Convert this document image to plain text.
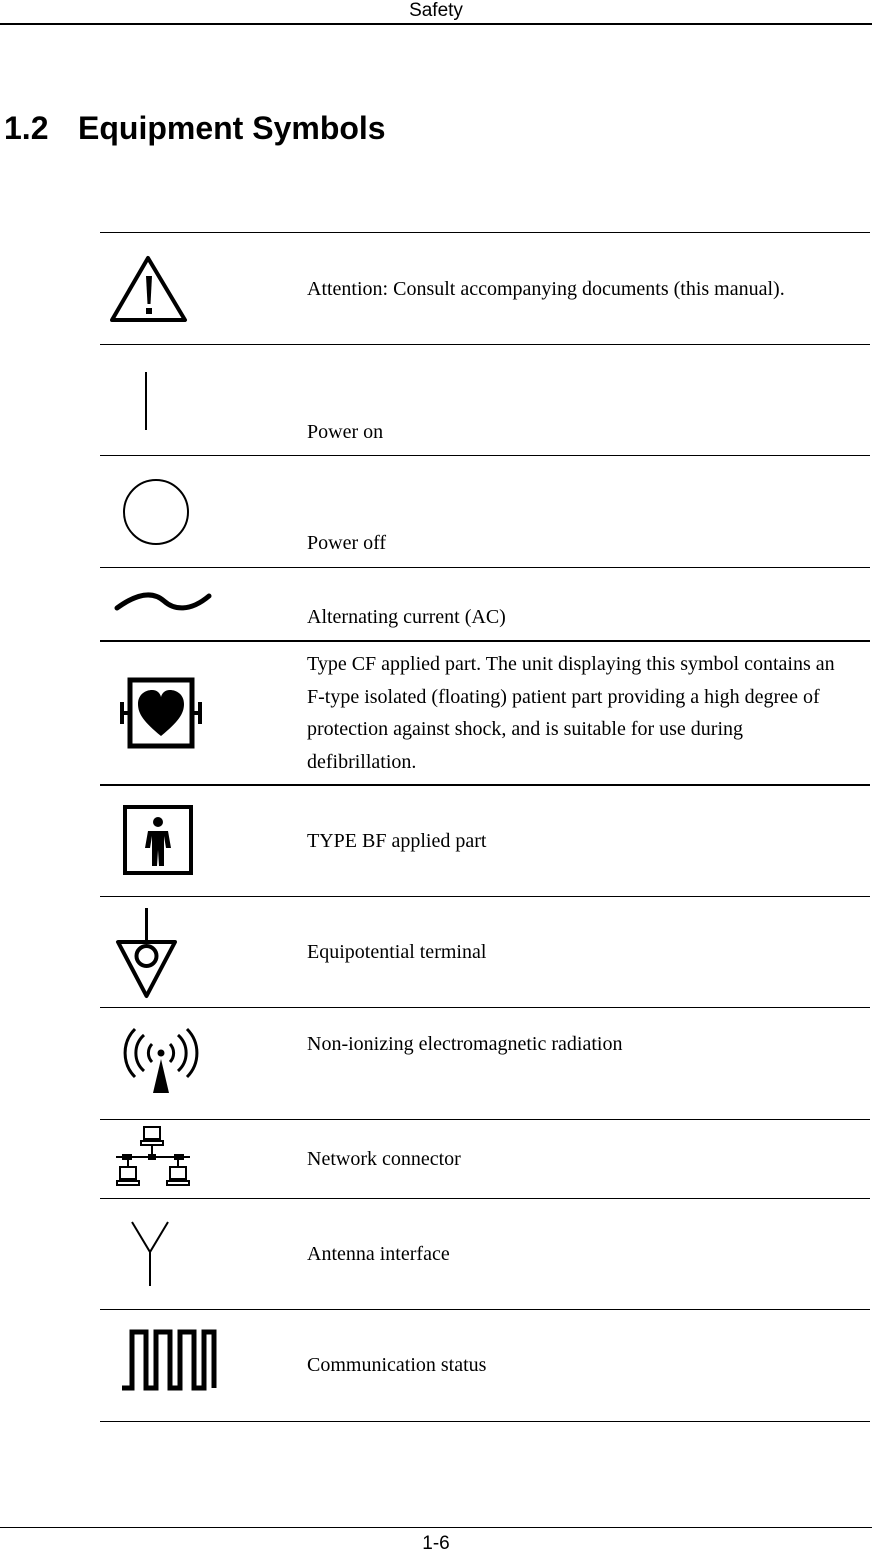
Safety
1.2 Equipment Symbols
Attention: Consult accompanying documents (this manual).
Power on
Power off
Alternating current (AC)
Type CF applied part. The unit displaying this symbol contains an F-type isolated (floating) patient part providing a high degree of protection against shock, and is suitable for use during defibrillation.
TYPE BF applied part
Equipotential terminal
Non-ionizing electromagnetic radiation
Network connector
Antenna interface
Communication status
1-6
